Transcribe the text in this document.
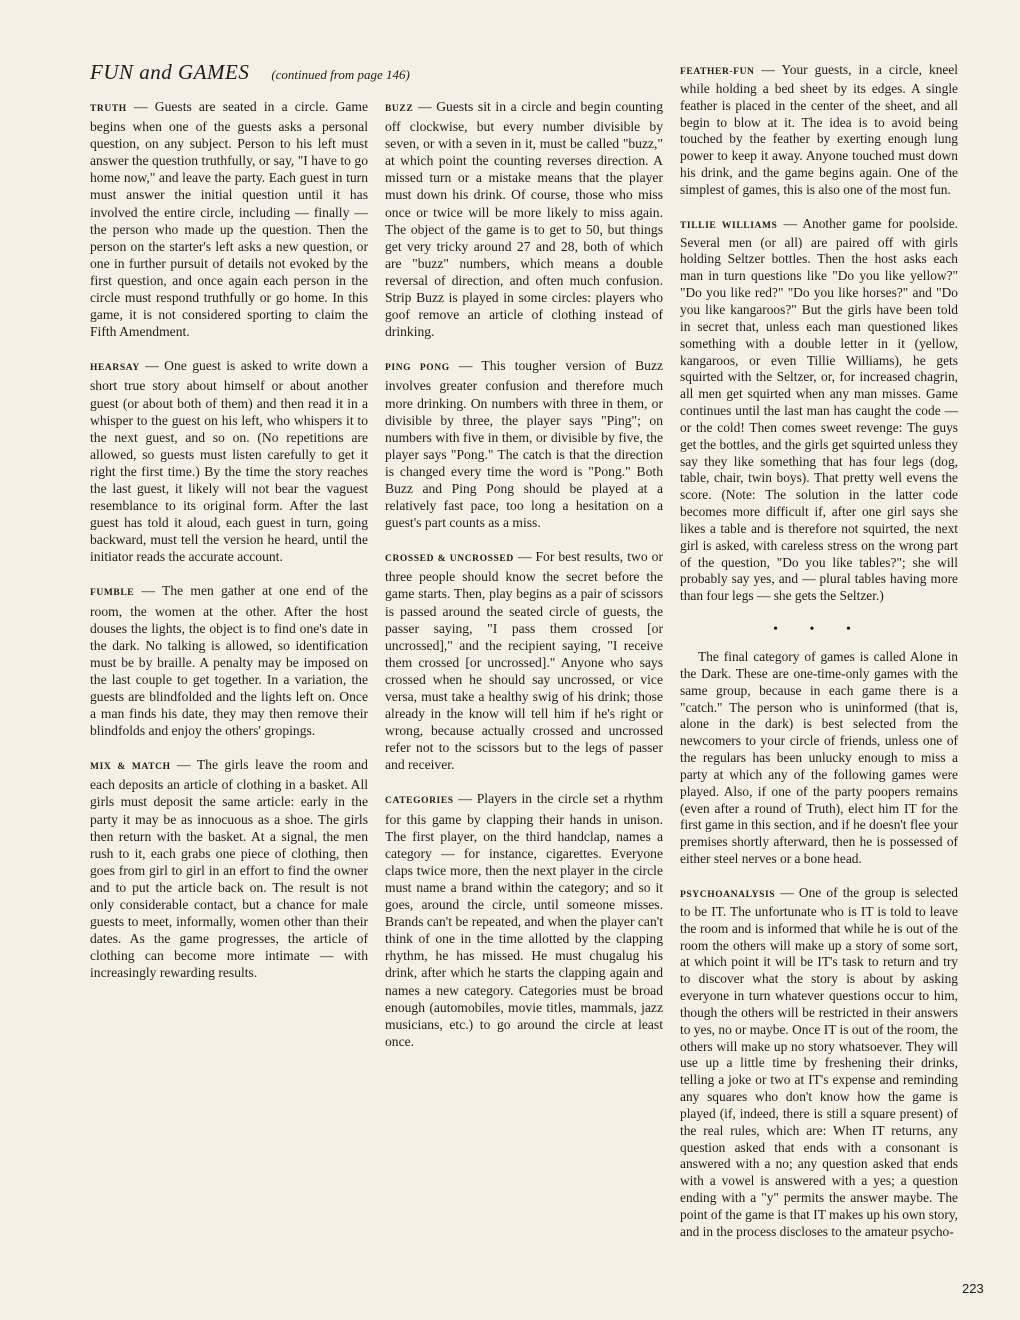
FUN and GAMES (continued from page 146)

TRUTH — Guests are seated in a circle. Game begins when one of the guests asks a personal question, on any subject. Person to his left must answer the question truthfully, or say, "I have to go home now," and leave the party. Each guest in turn must answer the initial question until it has involved the entire circle, including — finally — the person who made up the question. Then the person on the starter's left asks a new question, or one in further pursuit of details not evoked by the first question, and once again each person in the circle must respond truthfully or go home. In this game, it is not considered sporting to claim the Fifth Amendment.

HEARSAY — One guest is asked to write down a short true story about himself or about another guest (or about both of them) and then read it in a whisper to the guest on his left, who whispers it to the next guest, and so on. (No repetitions are allowed, so guests must listen carefully to get it right the first time.) By the time the story reaches the last guest, it likely will not bear the vaguest resemblance to its original form. After the last guest has told it aloud, each guest in turn, going backward, must tell the version he heard, until the initiator reads the accurate account.

FUMBLE — The men gather at one end of the room, the women at the other. After the host douses the lights, the object is to find one's date in the dark. No talking is allowed, so identification must be by braille. A penalty may be imposed on the last couple to get together. In a variation, the guests are blindfolded and the lights left on. Once a man finds his date, they may then remove their blindfolds and enjoy the others' gropings.

MIX & MATCH — The girls leave the room and each deposits an article of clothing in a basket. All girls must deposit the same article: early in the party it may be as innocuous as a shoe. The girls then return with the basket. At a signal, the men rush to it, each grabs one piece of clothing, then goes from girl to girl in an effort to find the owner and to put the article back on. The result is not only considerable contact, but a chance for male guests to meet, informally, women other than their dates. As the game progresses, the article of clothing can become more intimate — with increasingly rewarding results.

BUZZ — Guests sit in a circle and begin counting off clockwise, but every number divisible by seven, or with a seven in it, must be called "buzz," at which point the counting reverses direction. A missed turn or a mistake means that the player must down his drink. Of course, those who miss once or twice will be more likely to miss again. The object of the game is to get to 50, but things get very tricky around 27 and 28, both of which are "buzz" numbers, which means a double reversal of direction, and often much confusion. Strip Buzz is played in some circles: players who goof remove an article of clothing instead of drinking.

PING PONG — This tougher version of Buzz involves greater confusion and therefore much more drinking. On numbers with three in them, or divisible by three, the player says "Ping"; on numbers with five in them, or divisible by five, the player says "Pong." The catch is that the direction is changed every time the word is "Pong." Both Buzz and Ping Pong should be played at a relatively fast pace, too long a hesitation on a guest's part counts as a miss.

CROSSED & UNCROSSED — For best results, two or three people should know the secret before the game starts. Then, play begins as a pair of scissors is passed around the seated circle of guests, the passer saying, "I pass them crossed [or uncrossed]," and the recipient saying, "I receive them crossed [or uncrossed]." Anyone who says crossed when he should say uncrossed, or vice versa, must take a healthy swig of his drink; those already in the know will tell him if he's right or wrong, because actually crossed and uncrossed refer not to the scissors but to the legs of passer and receiver.

CATEGORIES — Players in the circle set a rhythm for this game by clapping their hands in unison. The first player, on the third handclap, names a category — for instance, cigarettes. Everyone claps twice more, then the next player in the circle must name a brand within the category; and so it goes, around the circle, until someone misses. Brands can't be repeated, and when the player can't think of one in the time allotted by the clapping rhythm, he has missed. He must chugalug his drink, after which he starts the clapping again and names a new category. Categories must be broad enough (automobiles, movie titles, mammals, jazz musicians, etc.) to go around the circle at least once.

FEATHER-FUN — Your guests, in a circle, kneel while holding a bed sheet by its edges. A single feather is placed in the center of the sheet, and all begin to blow at it. The idea is to avoid being touched by the feather by exerting enough lung power to keep it away. Anyone touched must down his drink, and the game begins again. One of the simplest of games, this is also one of the most fun.

TILLIE WILLIAMS — Another game for poolside. Several men (or all) are paired off with girls holding Seltzer bottles. Then the host asks each man in turn questions like "Do you like yellow?" "Do you like red?" "Do you like horses?" and "Do you like kangaroos?" But the girls have been told in secret that, unless each man questioned likes something with a double letter in it (yellow, kangaroos, or even Tillie Williams), he gets squirted with the Seltzer, or, for increased chagrin, all men get squirted when any man misses. Game continues until the last man has caught the code — or the cold! Then comes sweet revenge: The guys get the bottles, and the girls get squirted unless they say they like something that has four legs (dog, table, chair, twin boys). That pretty well evens the score. (Note: The solution in the latter code becomes more difficult if, after one girl says she likes a table and is therefore not squirted, the next girl is asked, with careless stress on the wrong part of the question, "Do you like tables?"; she will probably say yes, and — plural tables having more than four legs — she gets the Seltzer.)

• • •

The final category of games is called Alone in the Dark. These are one-time-only games with the same group, because in each game there is a "catch." The person who is uninformed (that is, alone in the dark) is best selected from the newcomers to your circle of friends, unless one of the regulars has been unlucky enough to miss a party at which any of the following games were played. Also, if one of the party poopers remains (even after a round of Truth), elect him IT for the first game in this section, and if he doesn't flee your premises shortly afterward, then he is possessed of either steel nerves or a bone head.

PSYCHOANALYSIS — One of the group is selected to be IT. The unfortunate who is IT is told to leave the room and is informed that while he is out of the room the others will make up a story of some sort, at which point it will be IT's task to return and try to discover what the story is about by asking everyone in turn whatever questions occur to him, though the others will be restricted in their answers to yes, no or maybe. Once IT is out of the room, the others will make up no story whatsoever. They will use up a little time by freshening their drinks, telling a joke or two at IT's expense and reminding any squares who don't know how the game is played (if, indeed, there is still a square present) of the real rules, which are: When IT returns, any question asked that ends with a consonant is answered with a no; any question asked that ends with a vowel is answered with a yes; a question ending with a "y" permits the answer maybe. The point of the game is that IT makes up his own story, and in the process discloses to the amateur psycho-

223
